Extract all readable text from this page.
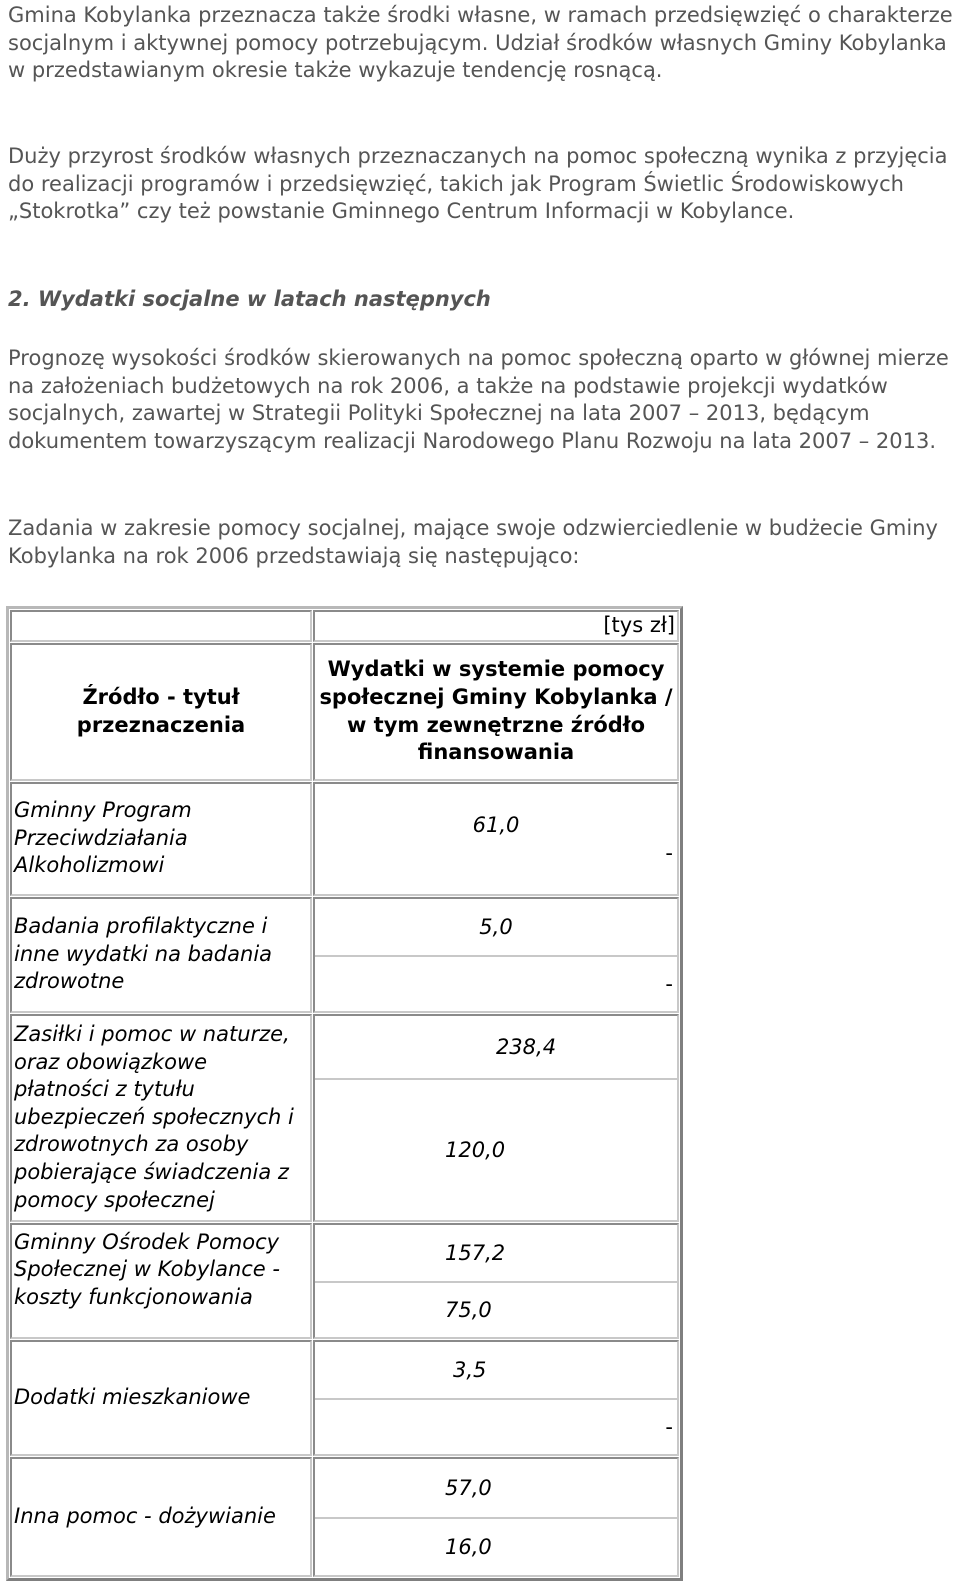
Gmina Kobylanka przeznacza także środki własne, w ramach przedsięwzięć o charakterze socjalnym i aktywnej pomocy potrzebującym. Udział środków własnych Gminy Kobylanka w przedstawianym okresie także wykazuje tendencję rosnącą.

Duży przyrost środków własnych przeznaczanych na pomoc społeczną wynika z przyjęcia do realizacji programów i przedsięwzięć, takich jak Program Świetlic Środowiskowych „Stokrotka” czy też powstanie Gminnego Centrum Informacji w Kobylance.

2. Wydatki socjalne w latach następnych

Prognozę wysokości środków skierowanych na pomoc społeczną oparto w głównej mierze na założeniach budżetowych na rok 2006, a także na podstawie projekcji wydatków socjalnych, zawartej w Strategii Polityki Społecznej na lata 2007 – 2013, będącym dokumentem towarzyszącym realizacji Narodowego Planu Rozwoju na lata 2007 – 2013.

Zadania w zakresie pomocy socjalnej, mające swoje odzwierciedlenie w budżecie Gminy Kobylanka na rok 2006 przedstawiają się następująco:

	[tys zł]
Źródło - tytuł przeznaczenia	Wydatki w systemie pomocy społecznej Gminy Kobylanka / w tym zewnętrzne źródło finansowania
Gminny Program Przeciwdziałania Alkoholizmowi	61,0
-

Badania profilaktyczne i inne wydatki na badania zdrowotne	5,0
-

Zasiłki i pomoc w naturze, oraz obowiązkowe płatności z tytułu ubezpieczeń społecznych i zdrowotnych za osoby pobierające świadczenia z pomocy społecznej	238,4
120,0

Gminny Ośrodek Pomocy Społecznej w Kobylance - koszty funkcjonowania	157,2
75,0

Dodatki mieszkaniowe	3,5
-

Inna pomoc - dożywianie	57,0
16,0
